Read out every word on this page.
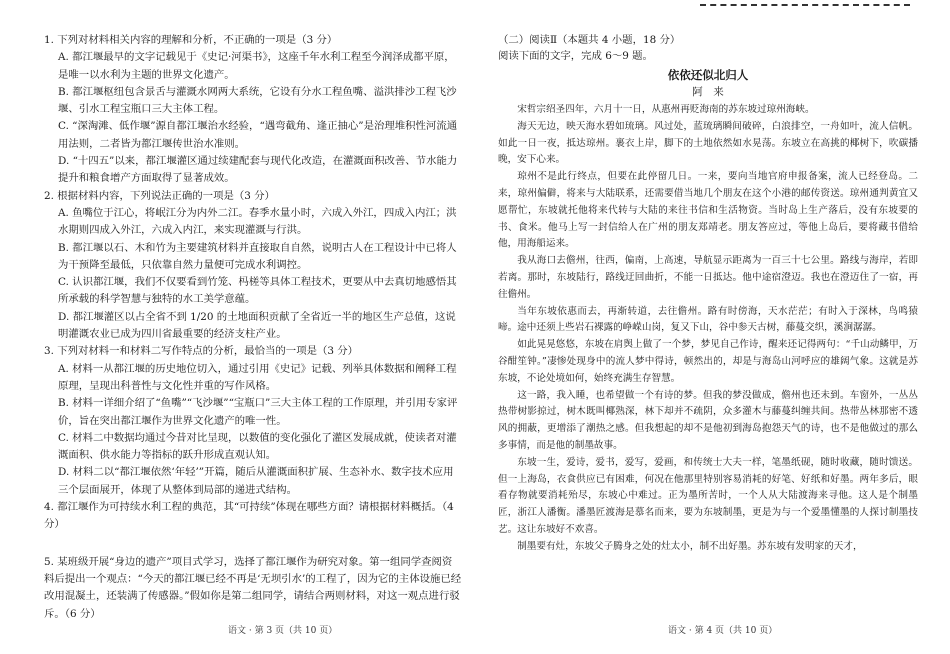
1. 下列对材料相关内容的理解和分析，不正确的一项是（3 分）

A. 都江堰最早的文字记载见于《史记·河渠书》，这座千年水利工程至今润泽成都平原，是唯一以水利为主题的世界文化遗产。

B. 都江堰枢纽包含景舌与灌溉水网两大系统，它设有分水工程鱼嘴、溢洪排沙工程飞沙堰、引水工程宝瓶口三大主体工程。

C. “深淘滩、低作堰”源自都江堰治水经验，“遇弯截角、逢正抽心”是治理堆积性河流通用法则，二者皆为都江堰传世治水准则。

D. “十四五”以来，都江堰灌区通过续建配套与现代化改造，在灌溉面积改善、节水能力提升和粮食增产方面取得了显著成效。

2. 根据材料内容，下列说法正确的一项是（3 分）

A. 鱼嘴位于江心，将岷江分为内外二江。春季水量小时，六成入外江，四成入内江；洪水期则四成入外江，六成入内江，来实现灌溉与行洪。

B. 都江堰以石、木和竹为主要建筑材料并直接取自自然，说明古人在工程设计中已将人为干预降至最低，只依靠自然力量便可完成水利调控。

C. 认识都江堰，我们不仅要看到竹笼、杩槎等具体工程技术，更要从中去真切地感悟其所承载的科学智慧与独特的水工美学意蕴。

D. 都江堰灌区以占全省不到 1/20 的土地面积贡献了全省近一半的地区生产总值，这说明灌溉农业已成为四川省最重要的经济支柱产业。

3. 下列对材料一和材料二写作特点的分析，最恰当的一项是（3 分）

A. 材料一从都江堰的历史地位切入，通过引用《史记》记载、列举具体数据和阐释工程原理，呈现出科普性与文化性并重的写作风格。

B. 材料一详细介绍了“鱼嘴”“飞沙堰”“宝瓶口”三大主体工程的工作原理，并引用专家评价，旨在突出都江堰作为世界文化遗产的唯一性。

C. 材料二中数据均通过今昔对比呈现，以数值的变化强化了灌区发展成就，使读者对灌溉面积、供水能力等指标的跃升形成直观认知。

D. 材料二以“都江堰依然‘年轻’”开篇，随后从灌溉面积扩展、生态补水、数字技术应用三个层面展开，体现了从整体到局部的递进式结构。

4. 都江堰作为可持续水利工程的典范，其“可持续”体现在哪些方面？请根据材料概括。（4 分）

5. 某班级开展“身边的遗产”项目式学习，选择了都江堰作为研究对象。第一组同学查阅资料后提出一个观点：“今天的都江堰已经不再是‘无坝引水’的工程了，因为它的主体设施已经改用混凝土，还装满了传感器。”假如你是第二组同学，请结合两则材料，对这一观点进行驳斥。（6 分）

（二）阅读Ⅱ（本题共 4 小题，18 分）

阅读下面的文字，完成 6～9 题。

依依还似北归人

阿　来

宋哲宗绍圣四年，六月十一日，从惠州再贬海南的苏东坡过琼州海峡。

海天无边，映天海水碧如琉璃。风过处，蓝琉璃瞬间破碎，白浪排空，一舟如叶，流人信帆。如此一日一夜，抵达琼州。裹衣上岸，脚下的土地依然如水晃荡。东坡立在高挑的椰树下，吹碳播晚，安下心来。

琼州不是此行终点，但要在此停留几日。一来，要向当地官府申报备案，流人已经登岛。二来，琼州偏僻，将来与大陆联系，还需要借当地几个朋友在这个小港的邮传资送。琼州通判黄宜又愿帮忙，东坡就托他将来代转与大陆的来往书信和生活物资。当时岛上生产落后，没有东坡要的书、食米。他马上写一封信给人在广州的朋友郑靖老。朋友答应过，等他上岛后，要将藏书借给他，用海船运来。

我从海口去儋州，往西，偏南，上高速，导航显示距离为一百三十七公里。路线与海岸，若即若离。那时，东坡陆行，路线迂回曲折，不能一日抵达。他中途宿澄迈。我也在澄迈住了一宿，再往儋州。

当年东坡依惠而去，再渐转道，去往儋州。路有时傍海，天水茫茫；有时入于深林，鸟鸣猿啼。途中还须上些岩石裸露的峥嵘山岗，复又下山，谷中参天古树，藤蔓交织，溪涧潺潺。

如此晃晃悠悠，东坡在肩舆上做了一个梦，梦见自己作诗，醒来还记得两句：“千山动鳞甲，万谷酣笙钟。”凄惨处现身中的流人梦中得诗，顿然出的，却是与海岛山河呼应的雄阔气象。这就是苏东坡，不论处境如何，始终充满生存智慧。

这一路，我入睡，也希望做一个有诗的梦。但我的梦没做成，儋州也还未到。车窗外，一丛丛热带树影掠过，树木既叫椰熟深，林下却并不疏阴，众多灌木与藤蔓纠缠共间。热带丛林那密不透风的拥蔽，更增添了潮热之感。但我想起的却不是他初到海岛抱怨天气的诗，也不是他做过的那么多事情，而是他的制墨故事。

东坡一生，爱诗，爱书，爱写，爱画，和传统士大夫一样，笔墨纸砚，随时收藏，随时馈送。但一上海岛，衣食供应已有困难，何况在他那里特别容易消耗的好笔、好纸和好墨。两年多后，眼看存物就要消耗殆尽，东坡心中难过。正为墨所苦时，一个人从大陆渡海来寻他。这人是个制墨匠，浙江人潘衡。潘墨匠渡海是慕名而来，要为东坡制墨，更是为与一个爱墨懂墨的人探讨制墨技艺。这让东坡好不欢喜。

制墨要有灶，东坡父子腾身之处的灶太小，制不出好墨。苏东坡有发明家的天才，

语文 · 第 3 页（共 10 页）	语文 · 第 4 页（共 10 页）
